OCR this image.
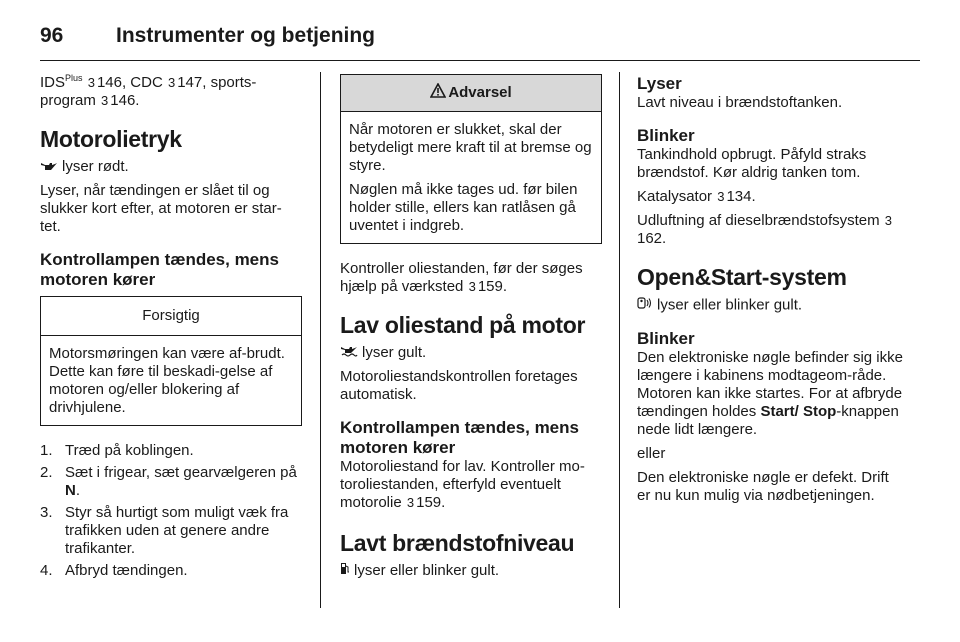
96	Instrumenter og betjening

$IDS^{Plus}$ 3 146, CDC 3 147, sports- program 3 146.

Motorolietryk

lyser rødt.

Lyser, når tændingen er slået til og slukker kort efter, at motoren er star-tet.

Kontrollampen tændes, mens motoren kører
Forsigtig

Motorsmøringen kan være af-brudt. Dette kan føre til beskadi-gelse af motoren og/eller blokering af drivhjulene.

1. Træd på koblingen.
2. Sæt i frigear, sæt gearvælgeren på N.
3. Styr så hurtigt som muligt væk fra trafikken uden at genere andre trafikanter.
4. Afbryd tændingen.
Advarsel

Når motoren er slukket, skal der betydeligt mere kraft til at bremse og styre.

Nøglen må ikke tages ud. før bilen holder stille, ellers kan ratlåsen gå uventet i indgreb.

Kontroller oliestanden, før der søges hjælp på værksted 3 159.

Lav oliestand på motor

lyser gult.

Motoroliestandskontrollen foretages automatisk.

Kontrollampen tændes, mens motoren kører

Motoroliestand for lav. Kontroller mo-toroliestanden, efterfyld eventuelt motorolie 3 159.

Lavt brændstofniveau

lyser eller blinker gult.

Lyser

Lavt niveau i brændstoftanken.

Blinker

Tankindhold opbrugt. Påfyld straks brændstof. Kør aldrig tanken tom.

Katalysator 3 134.

Udluftning af dieselbrændstofsystem 3162.

Open&Start-system

lyser eller blinker gult.

Blinker

Den elektroniske nøgle befinder sig ikke længere i kabinens modtageom-råde. Motoren kan ikke startes. For at afbryde tændingen holdes Start/ Stop-knappen nede lidt længere.

eller

Den elektroniske nøgle er defekt. Drift er nu kun mulig via nødbetjeningen.
